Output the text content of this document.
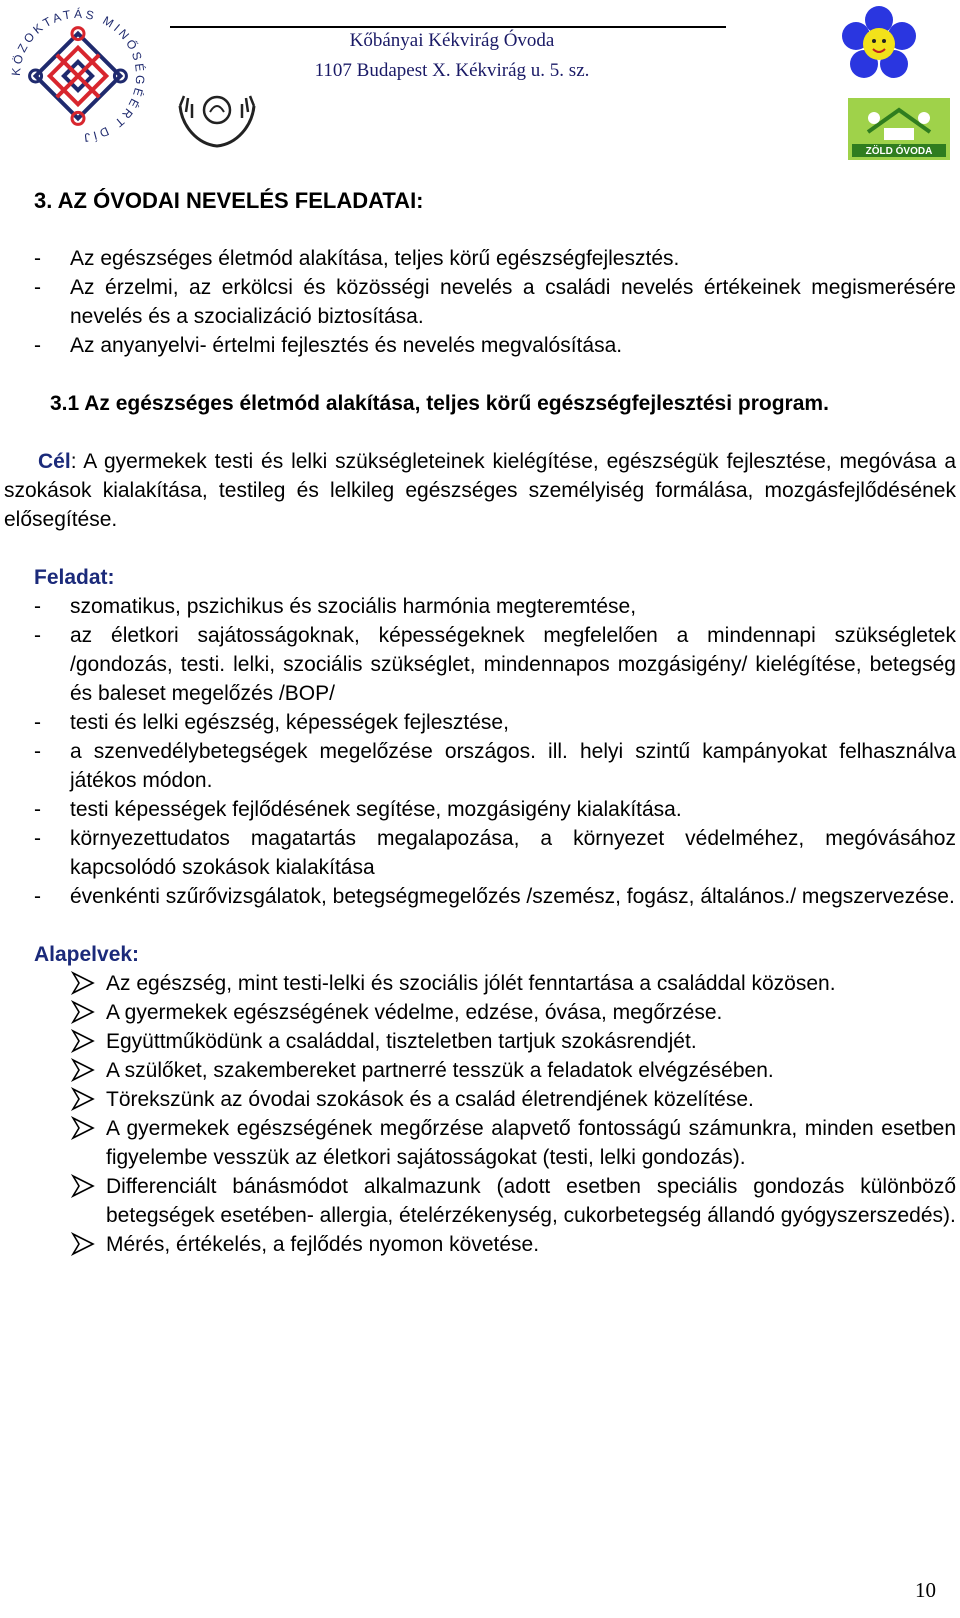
KÖZOKTATÁS MINŐSÉGÉÉRT DÍJ
Kőbányai Kékvirág Óvoda
1107 Budapest X. Kékvirág u. 5. sz.
ZÖLD ÓVODA
3. AZ ÓVODAI NEVELÉS FELADATAI:
- Az egészséges életmód alakítása, teljes körű egészségfejlesztés.
- Az érzelmi, az erkölcsi és közösségi nevelés a családi nevelés értékeinek megismerésére nevelés és a szocializáció biztosítása.
- Az anyanyelvi- értelmi fejlesztés és nevelés megvalósítása.

3.1 Az egészséges életmód alakítása, teljes körű egészségfejlesztési program.

Cél: A gyermekek testi és lelki szükségleteinek kielégítése, egészségük fejlesztése, megóvása a szokások kialakítása, testileg és lelkileg egészséges személyiség formálása, mozgásfejlődésének elősegítése.

Feladat:
- szomatikus, pszichikus és szociális harmónia megteremtése,
- az életkori sajátosságoknak, képességeknek megfelelően a mindennapi szükségletek /gondozás, testi. lelki, szociális szükséglet, mindennapos mozgásigény/ kielégítése, betegség és baleset megelőzés /BOP/
- testi és lelki egészség, képességek fejlesztése,
- a szenvedélybetegségek megelőzése országos. ill. helyi szintű kampányokat felhasználva játékos módon.
- testi képességek fejlődésének segítése, mozgásigény kialakítása.
- környezettudatos magatartás megalapozása, a környezet védelméhez, megóvásához kapcsolódó szokások kialakítása
- évenkénti szűrővizsgálatok, betegségmegelőzés /szemész, fogász, általános./ megszervezése.
Alapelvek:
Az egészség, mint testi-lelki és szociális jólét fenntartása a családdal közösen.
A gyermekek egészségének védelme, edzése, óvása, megőrzése.
Együttműködünk a családdal, tiszteletben tartjuk szokásrendjét.
A szülőket, szakembereket partnerré tesszük a feladatok elvégzésében.
Törekszünk az óvodai szokások és a család életrendjének közelítése.
A gyermekek egészségének megőrzése alapvető fontosságú számunkra, minden esetben figyelembe vesszük az életkori sajátosságokat (testi, lelki gondozás).
Differenciált bánásmódot alkalmazunk (adott esetben speciális gondozás különböző betegségek esetében- allergia, ételérzékenység, cukorbetegség állandó gyógyszerszedés).
Mérés, értékelés, a fejlődés nyomon követése.
10
